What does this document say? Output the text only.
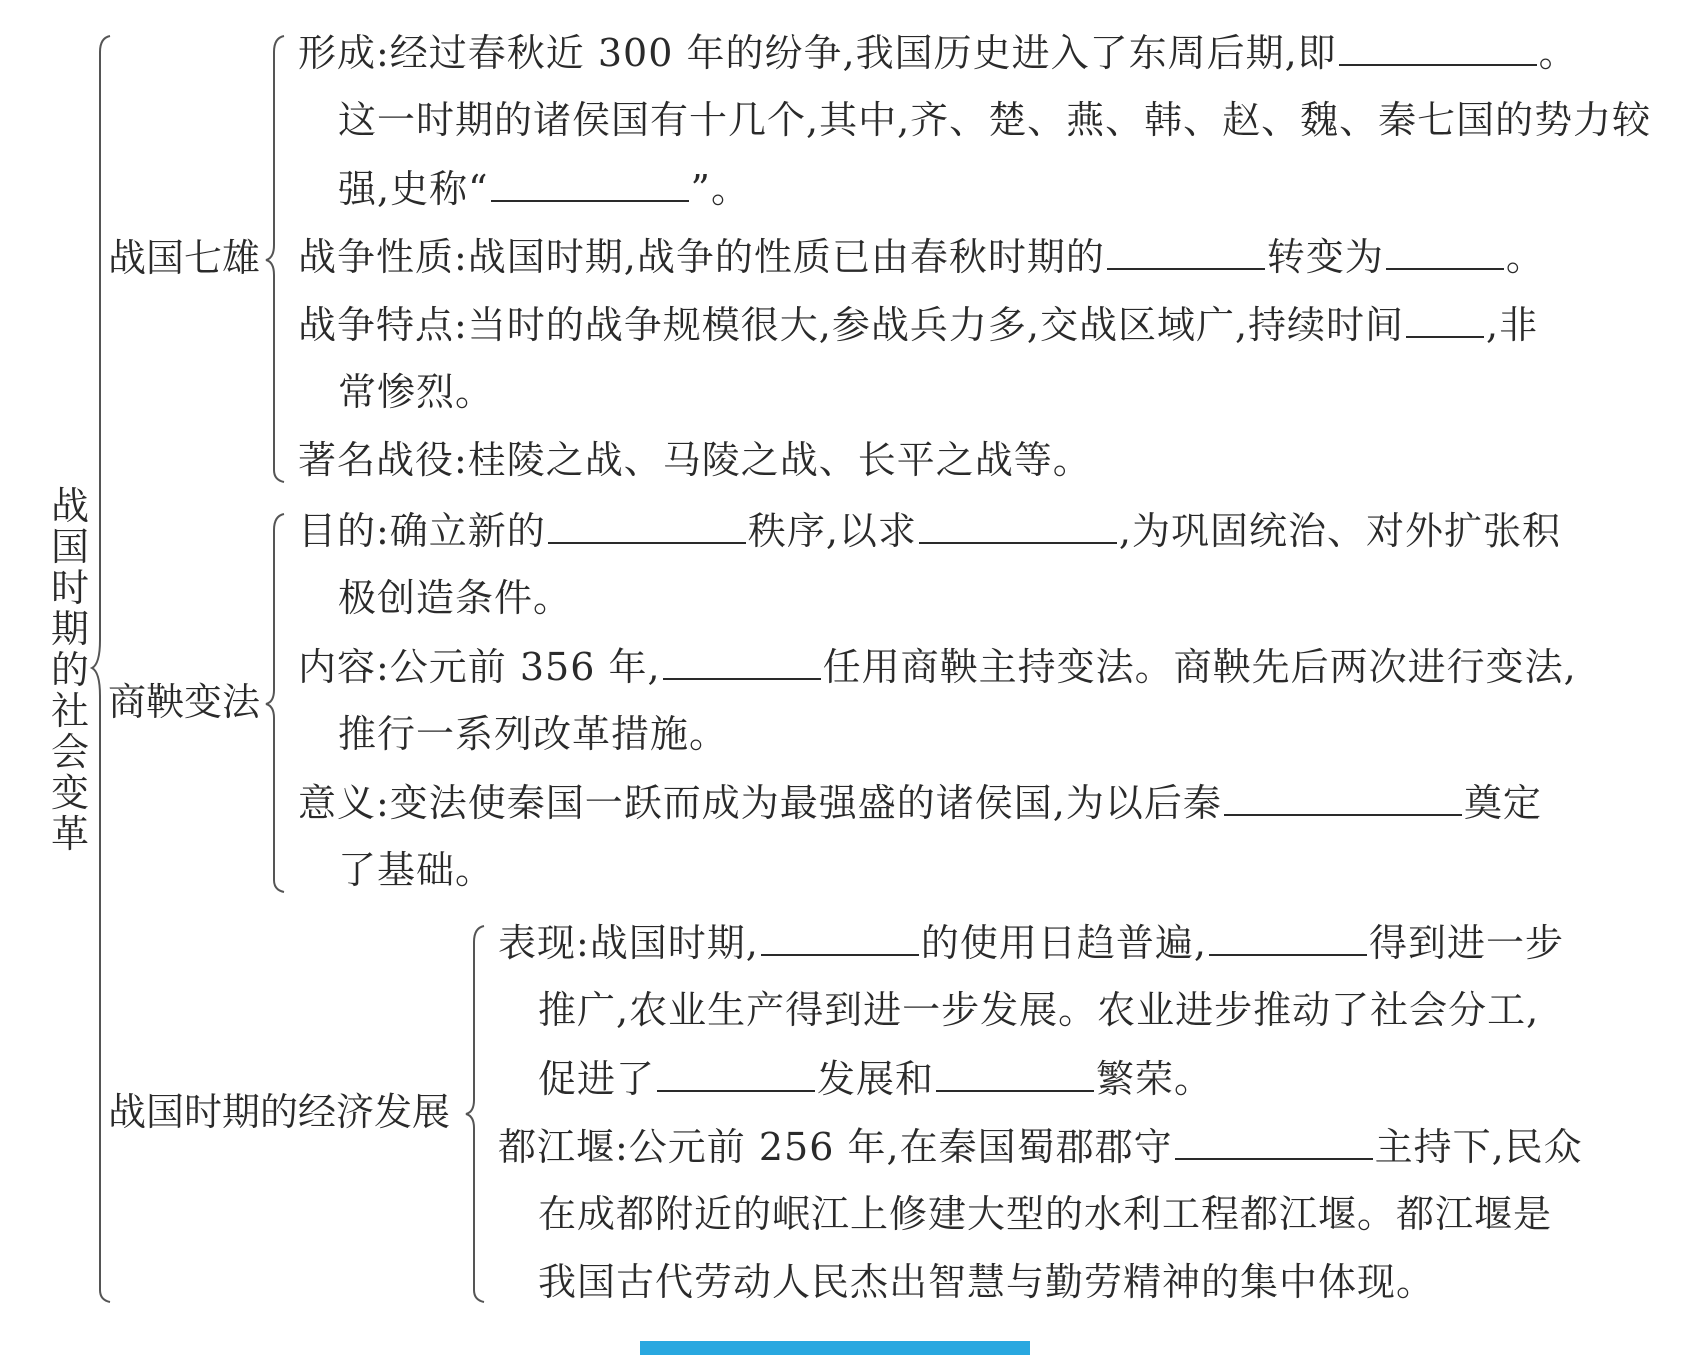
战
国
时
期
的
社
会
变
革
战国七雄
商鞅变法
战国时期的经济发展
形成:经过春秋近 300 年的纷争,我国历史进入了东周后期,即	。
这一时期的诸侯国有十几个,其中,齐、楚、燕、韩、赵、魏、秦七国的势力较
强,史称“	”。
战争性质:战国时期,战争的性质已由春秋时期的	转变为	。
战争特点:当时的战争规模很大,参战兵力多,交战区域广,持续时间 ,非
常惨烈。
著名战役:桂陵之战、马陵之战、长平之战等。
目的:确立新的	秩序,以求	,为巩固统治、对外扩张积
极创造条件。
内容:公元前 356 年,	任用商鞅主持变法。商鞅先后两次进行变法,
推行一系列改革措施。
意义:变法使秦国一跃而成为最强盛的诸侯国,为以后秦	奠定
了基础。
表现:战国时期,	的使用日趋普遍,	得到进一步
推广,农业生产得到进一步发展。农业进步推动了社会分工,
促进了	发展和	繁荣。
都江堰:公元前 256 年,在秦国蜀郡郡守	主持下,民众
在成都附近的岷江上修建大型的水利工程都江堰。都江堰是
我国古代劳动人民杰出智慧与勤劳精神的集中体现。
